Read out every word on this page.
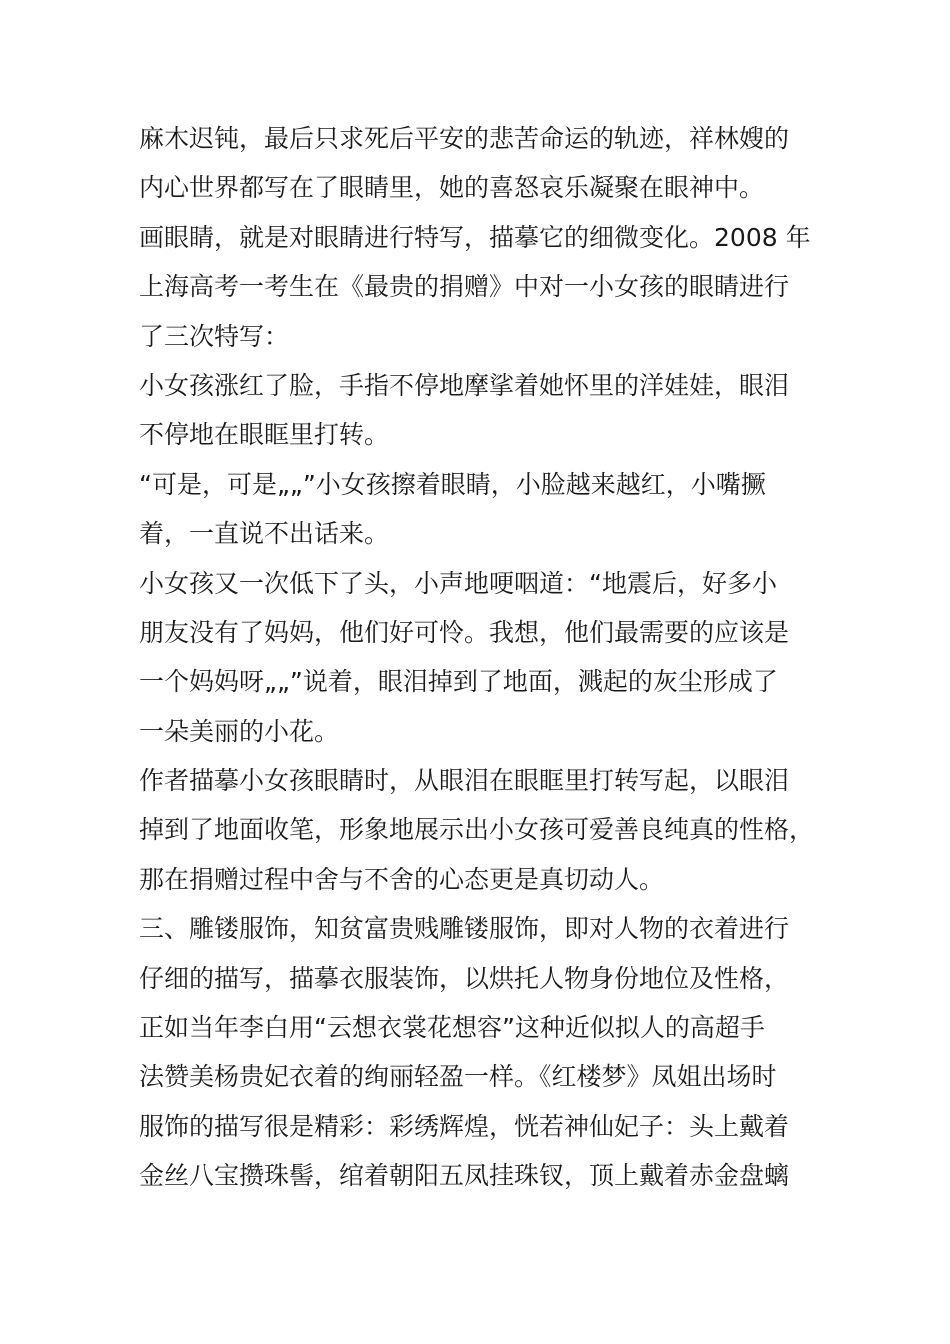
麻木迟钝，最后只求死后平安的悲苦命运的轨迹，祥林嫂的
内心世界都写在了眼睛里，她的喜怒哀乐凝聚在眼神中。
画眼睛，就是对眼睛进行特写，描摹它的细微变化。2008 年
上海高考一考生在《最贵的捐赠》中对一小女孩的眼睛进行
了三次特写：
小女孩涨红了脸，手指不停地摩挲着她怀里的洋娃娃，眼泪
不停地在眼眶里打转。
“可是，可是„„”小女孩擦着眼睛，小脸越来越红，小嘴撅
着，一直说不出话来。
小女孩又一次低下了头，小声地哽咽道：“地震后，好多小
朋友没有了妈妈，他们好可怜。我想，他们最需要的应该是
一个妈妈呀„„”说着，眼泪掉到了地面，溅起的灰尘形成了
一朵美丽的小花。
作者描摹小女孩眼睛时，从眼泪在眼眶里打转写起，以眼泪
掉到了地面收笔，形象地展示出小女孩可爱善良纯真的性格，
那在捐赠过程中舍与不舍的心态更是真切动人。
三、雕镂服饰，知贫富贵贱雕镂服饰，即对人物的衣着进行
仔细的描写，描摹衣服装饰，以烘托人物身份地位及性格，
正如当年李白用“云想衣裳花想容”这种近似拟人的高超手
法赞美杨贵妃衣着的绚丽轻盈一样。《红楼梦》凤姐出场时
服饰的描写很是精彩：彩绣辉煌，恍若神仙妃子：头上戴着
金丝八宝攒珠髻，绾着朝阳五凤挂珠钗，顶上戴着赤金盘螭
